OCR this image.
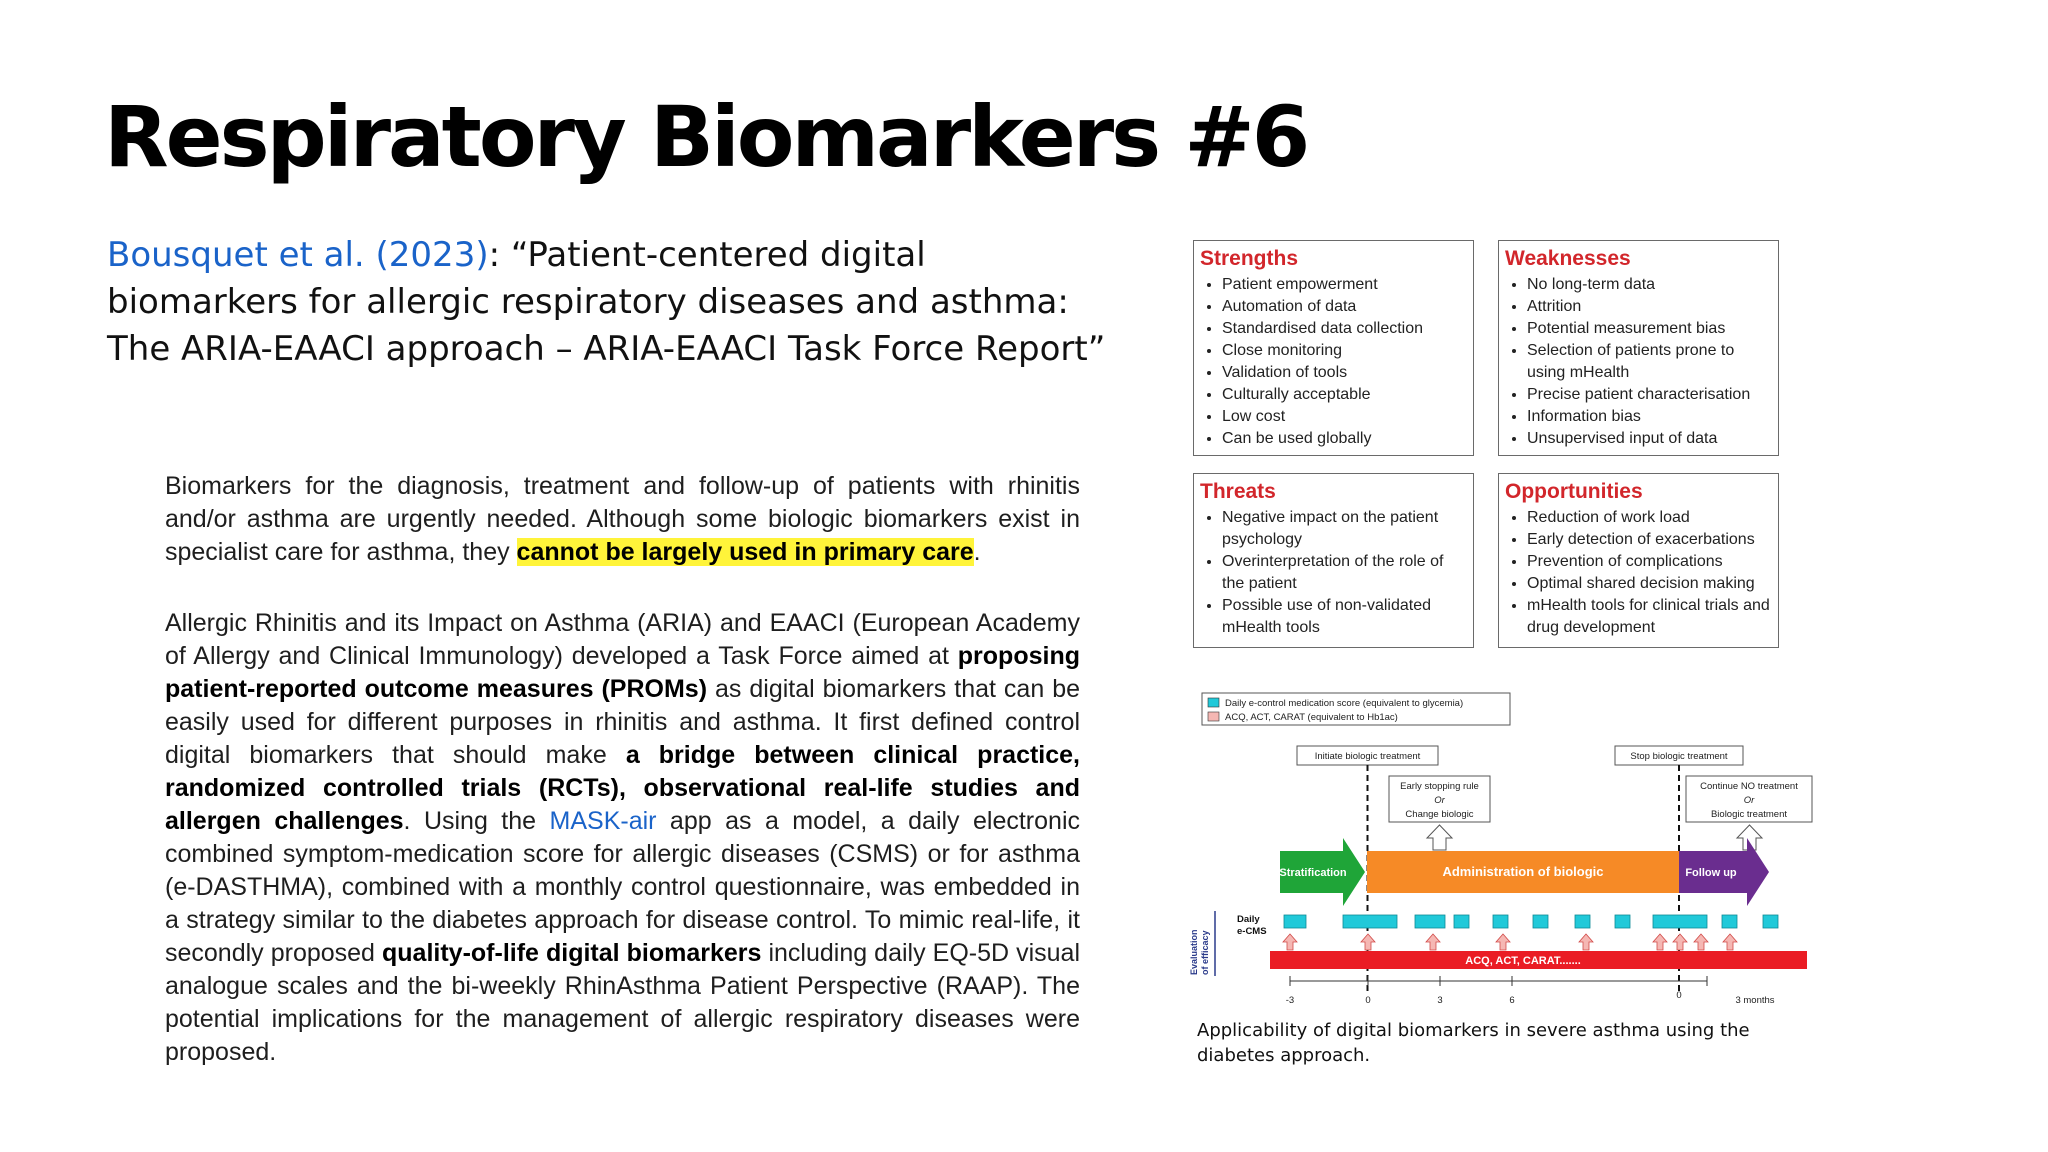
Respiratory Biomarkers #6

Bousquet et al. (2023): “Patient-centered digital biomarkers for allergic respiratory diseases and asthma: The ARIA-EAACI approach – ARIA-EAACI Task Force Report”

Biomarkers for the diagnosis, treatment and follow-up of patients with rhinitis and/or asthma are urgently needed. Although some biologic biomarkers exist in specialist care for asthma, they cannot be largely used in primary care.

Allergic Rhinitis and its Impact on Asthma (ARIA) and EAACI (European Academy of Allergy and Clinical Immunology) developed a Task Force aimed at proposing patient-reported outcome measures (PROMs) as digital biomarkers that can be easily used for different purposes in rhinitis and asthma. It first defined control digital biomarkers that should make a bridge between clinical practice, randomized controlled trials (RCTs), observational real-life studies and allergen challenges. Using the MASK-air app as a model, a daily electronic combined symptom-medication score for allergic diseases (CSMS) or for asthma (e-DASTHMA), combined with a monthly control questionnaire, was embedded in a strategy similar to the diabetes approach for disease control. To mimic real-life, it secondly proposed quality-of-life digital biomarkers including daily EQ-5D visual analogue scales and the bi-weekly RhinAsthma Patient Perspective (RAAP). The potential implications for the management of allergic respiratory diseases were proposed.

Strengths
• Patient empowerment
• Automation of data
• Standardised data collection
• Close monitoring
• Validation of tools
• Culturally acceptable
• Low cost
• Can be used globally
Weaknesses
• No long-term data
• Attrition
• Potential measurement bias
• Selection of patients prone to using mHealth
• Precise patient characterisation
• Information bias
• Unsupervised input of data
Threats
• Negative impact on the patient psychology
• Overinterpretation of the role of the patient
• Possible use of non-validated mHealth tools
Opportunities
• Reduction of work load
• Early detection of exacerbations
• Prevention of complications
• Optimal shared decision making
• mHealth tools for clinical trials and drug development
Daily e-control medication score (equivalent to glycemia)
ACQ, ACT, CARAT (equivalent to Hb1ac)
Initiate biologic treatment	Stop biologic treatment
Early stopping rule
Or
Change biologic
Continue NO treatment
Or
Biologic treatment
Stratification	Administration of biologic	Follow up
Evaluation of efficacy
Daily
e-CMS
ACQ, ACT, CARAT.......
-3	0	3	6	0	3 months

Applicability of digital biomarkers in severe asthma using the diabetes approach.
